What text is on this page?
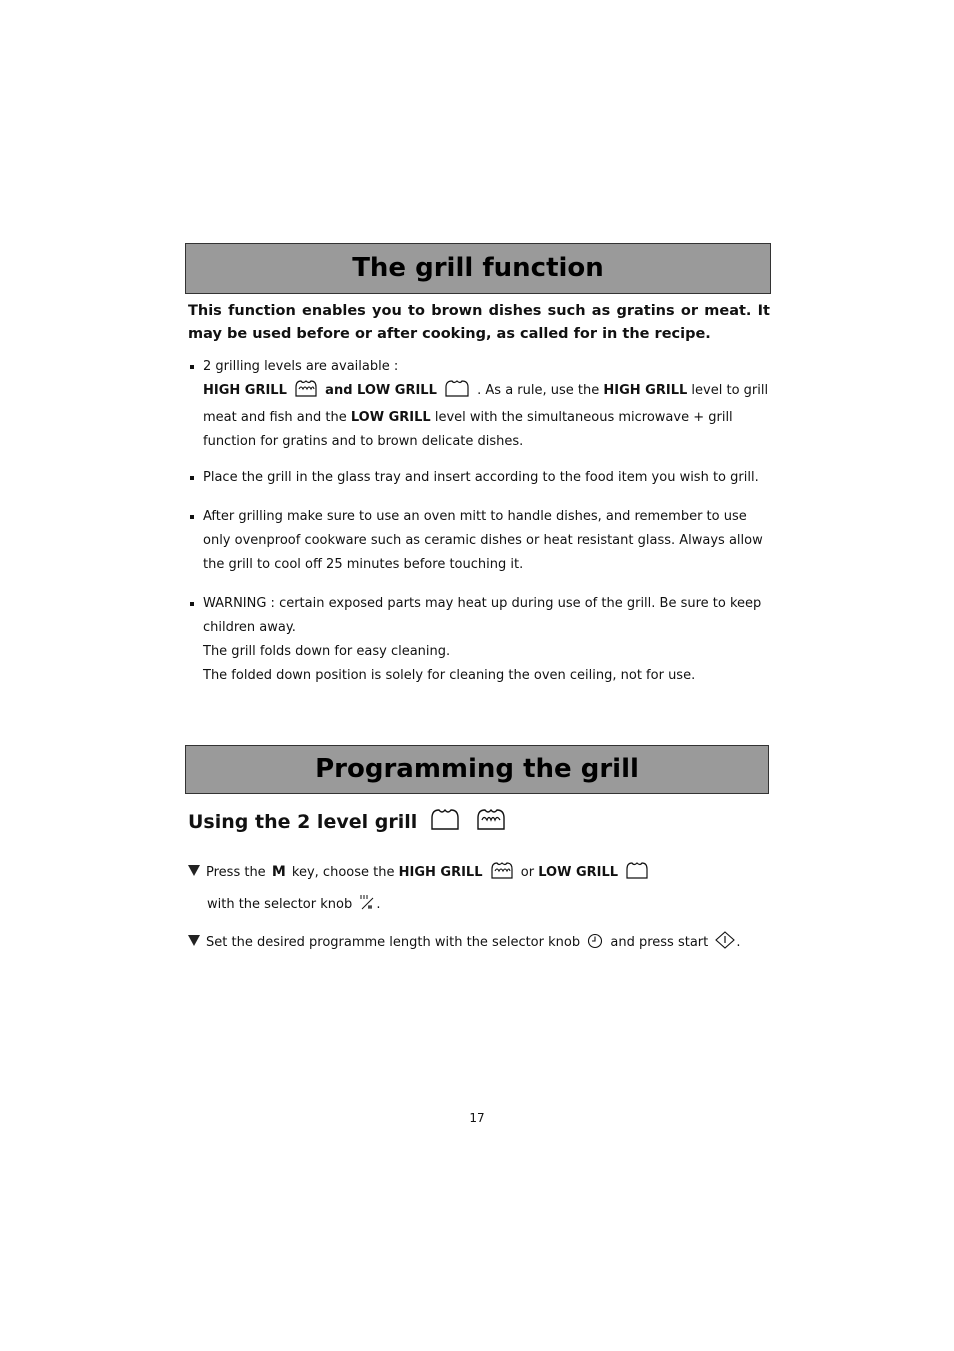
The grill function
This function enables you to brown dishes such as gratins or meat. It may be used before or after cooking, as called for in the recipe.

2 grilling levels are available :

HIGH GRILL	and LOW GRILL	. As a rule, use the HIGH GRILL level to grill meat and fish and the LOW GRILL level with the simultaneous microwave + grill function for gratins and to brown delicate dishes.

Place the grill in the glass tray and insert according to the food item you wish to grill.
After grilling make sure to use an oven mitt to handle dishes, and remember to use only ovenproof cookware such as ceramic dishes or heat resistant glass. Always allow the grill to cool off 25 minutes before touching it.

WARNING : certain exposed parts may heat up during use of the grill. Be sure to keep children away.

The grill folds down for easy cleaning.

The folded down position is solely for cleaning the oven ceiling, not for use.

Programming the grill
Using the 2 level grill
Press the M key, choose the HIGH GRILL	or LOW GRILL
with the selector knob .
Set the desired programme length with the selector knob and press start .
17
